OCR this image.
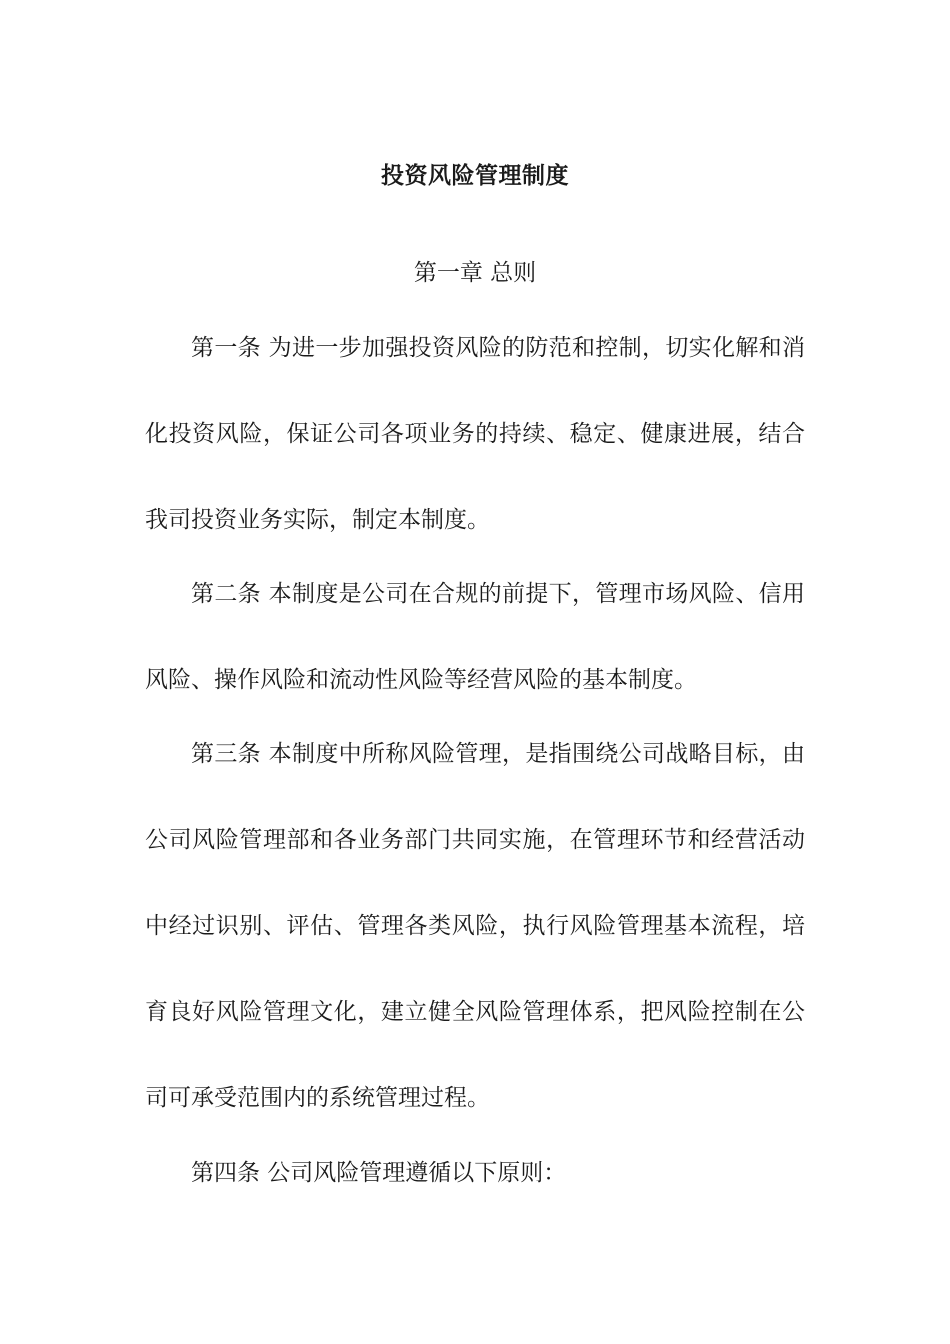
投资风险管理制度
第一章 总则

第一条 为进一步加强投资风险的防范和控制，切实化解和消化投资风险，保证公司各项业务的持续、稳定、健康进展，结合我司投资业务实际，制定本制度。

第二条 本制度是公司在合规的前提下，管理市场风险、信用风险、操作风险和流动性风险等经营风险的基本制度。

第三条 本制度中所称风险管理，是指围绕公司战略目标，由公司风险管理部和各业务部门共同实施，在管理环节和经营活动中经过识别、评估、管理各类风险，执行风险管理基本流程，培育良好风险管理文化，建立健全风险管理体系，把风险控制在公司可承受范围内的系统管理过程。

第四条 公司风险管理遵循以下原则：
